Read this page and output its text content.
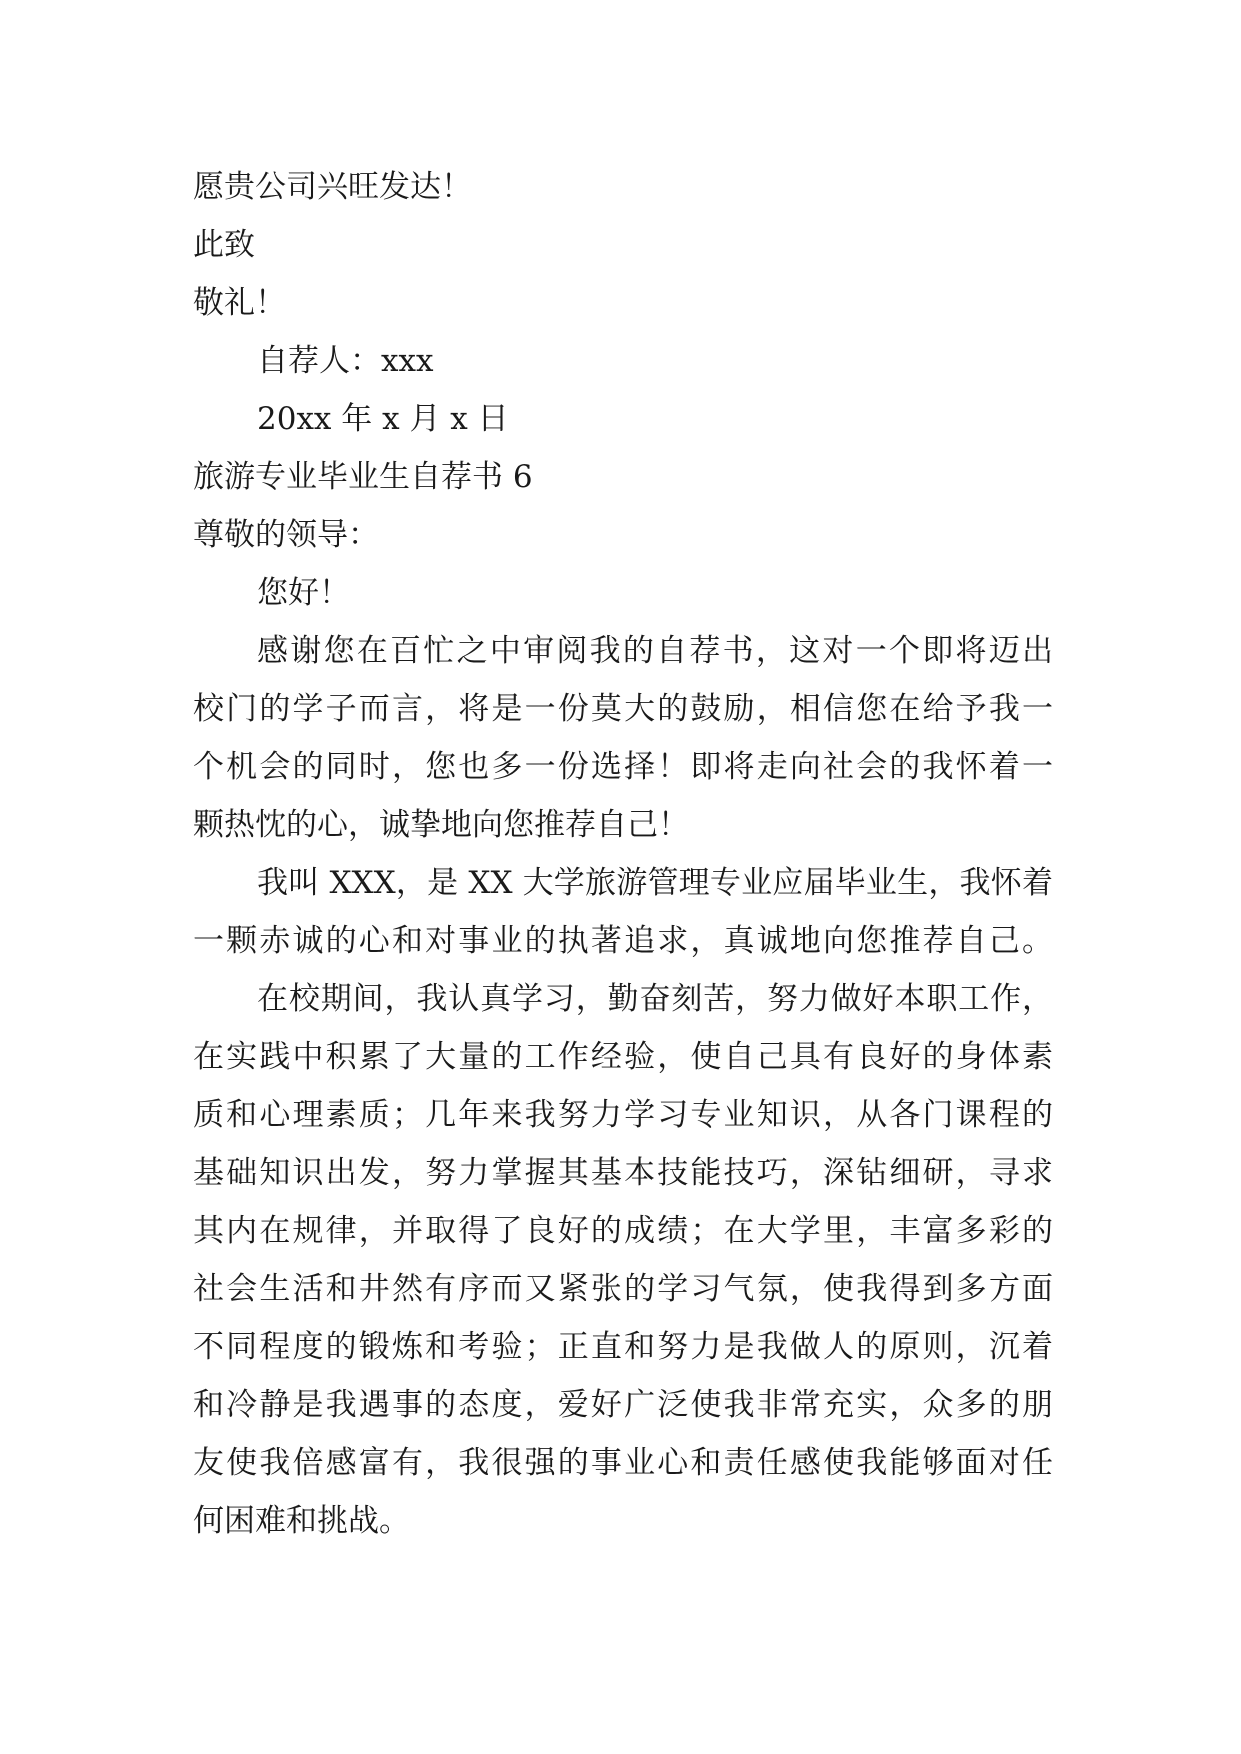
愿贵公司兴旺发达！
此致
敬礼！
自荐人：xxx
20xx 年 x 月 x 日
旅游专业毕业生自荐书 6
尊敬的领导：
您好！
感谢您在百忙之中审阅我的自荐书，这对一个即将迈出
校门的学子而言，将是一份莫大的鼓励，相信您在给予我一
个机会的同时，您也多一份选择！即将走向社会的我怀着一
颗热忱的心，诚挚地向您推荐自己！
我叫 XXX，是 XX 大学旅游管理专业应届毕业生，我怀着
一颗赤诚的心和对事业的执著追求，真诚地向您推荐自己。
在校期间，我认真学习，勤奋刻苦，努力做好本职工作，
在实践中积累了大量的工作经验，使自己具有良好的身体素
质和心理素质；几年来我努力学习专业知识，从各门课程的
基础知识出发，努力掌握其基本技能技巧，深钻细研，寻求
其内在规律，并取得了良好的成绩；在大学里，丰富多彩的
社会生活和井然有序而又紧张的学习气氛，使我得到多方面
不同程度的锻炼和考验；正直和努力是我做人的原则，沉着
和冷静是我遇事的态度，爱好广泛使我非常充实，众多的朋
友使我倍感富有，我很强的事业心和责任感使我能够面对任
何困难和挑战。
